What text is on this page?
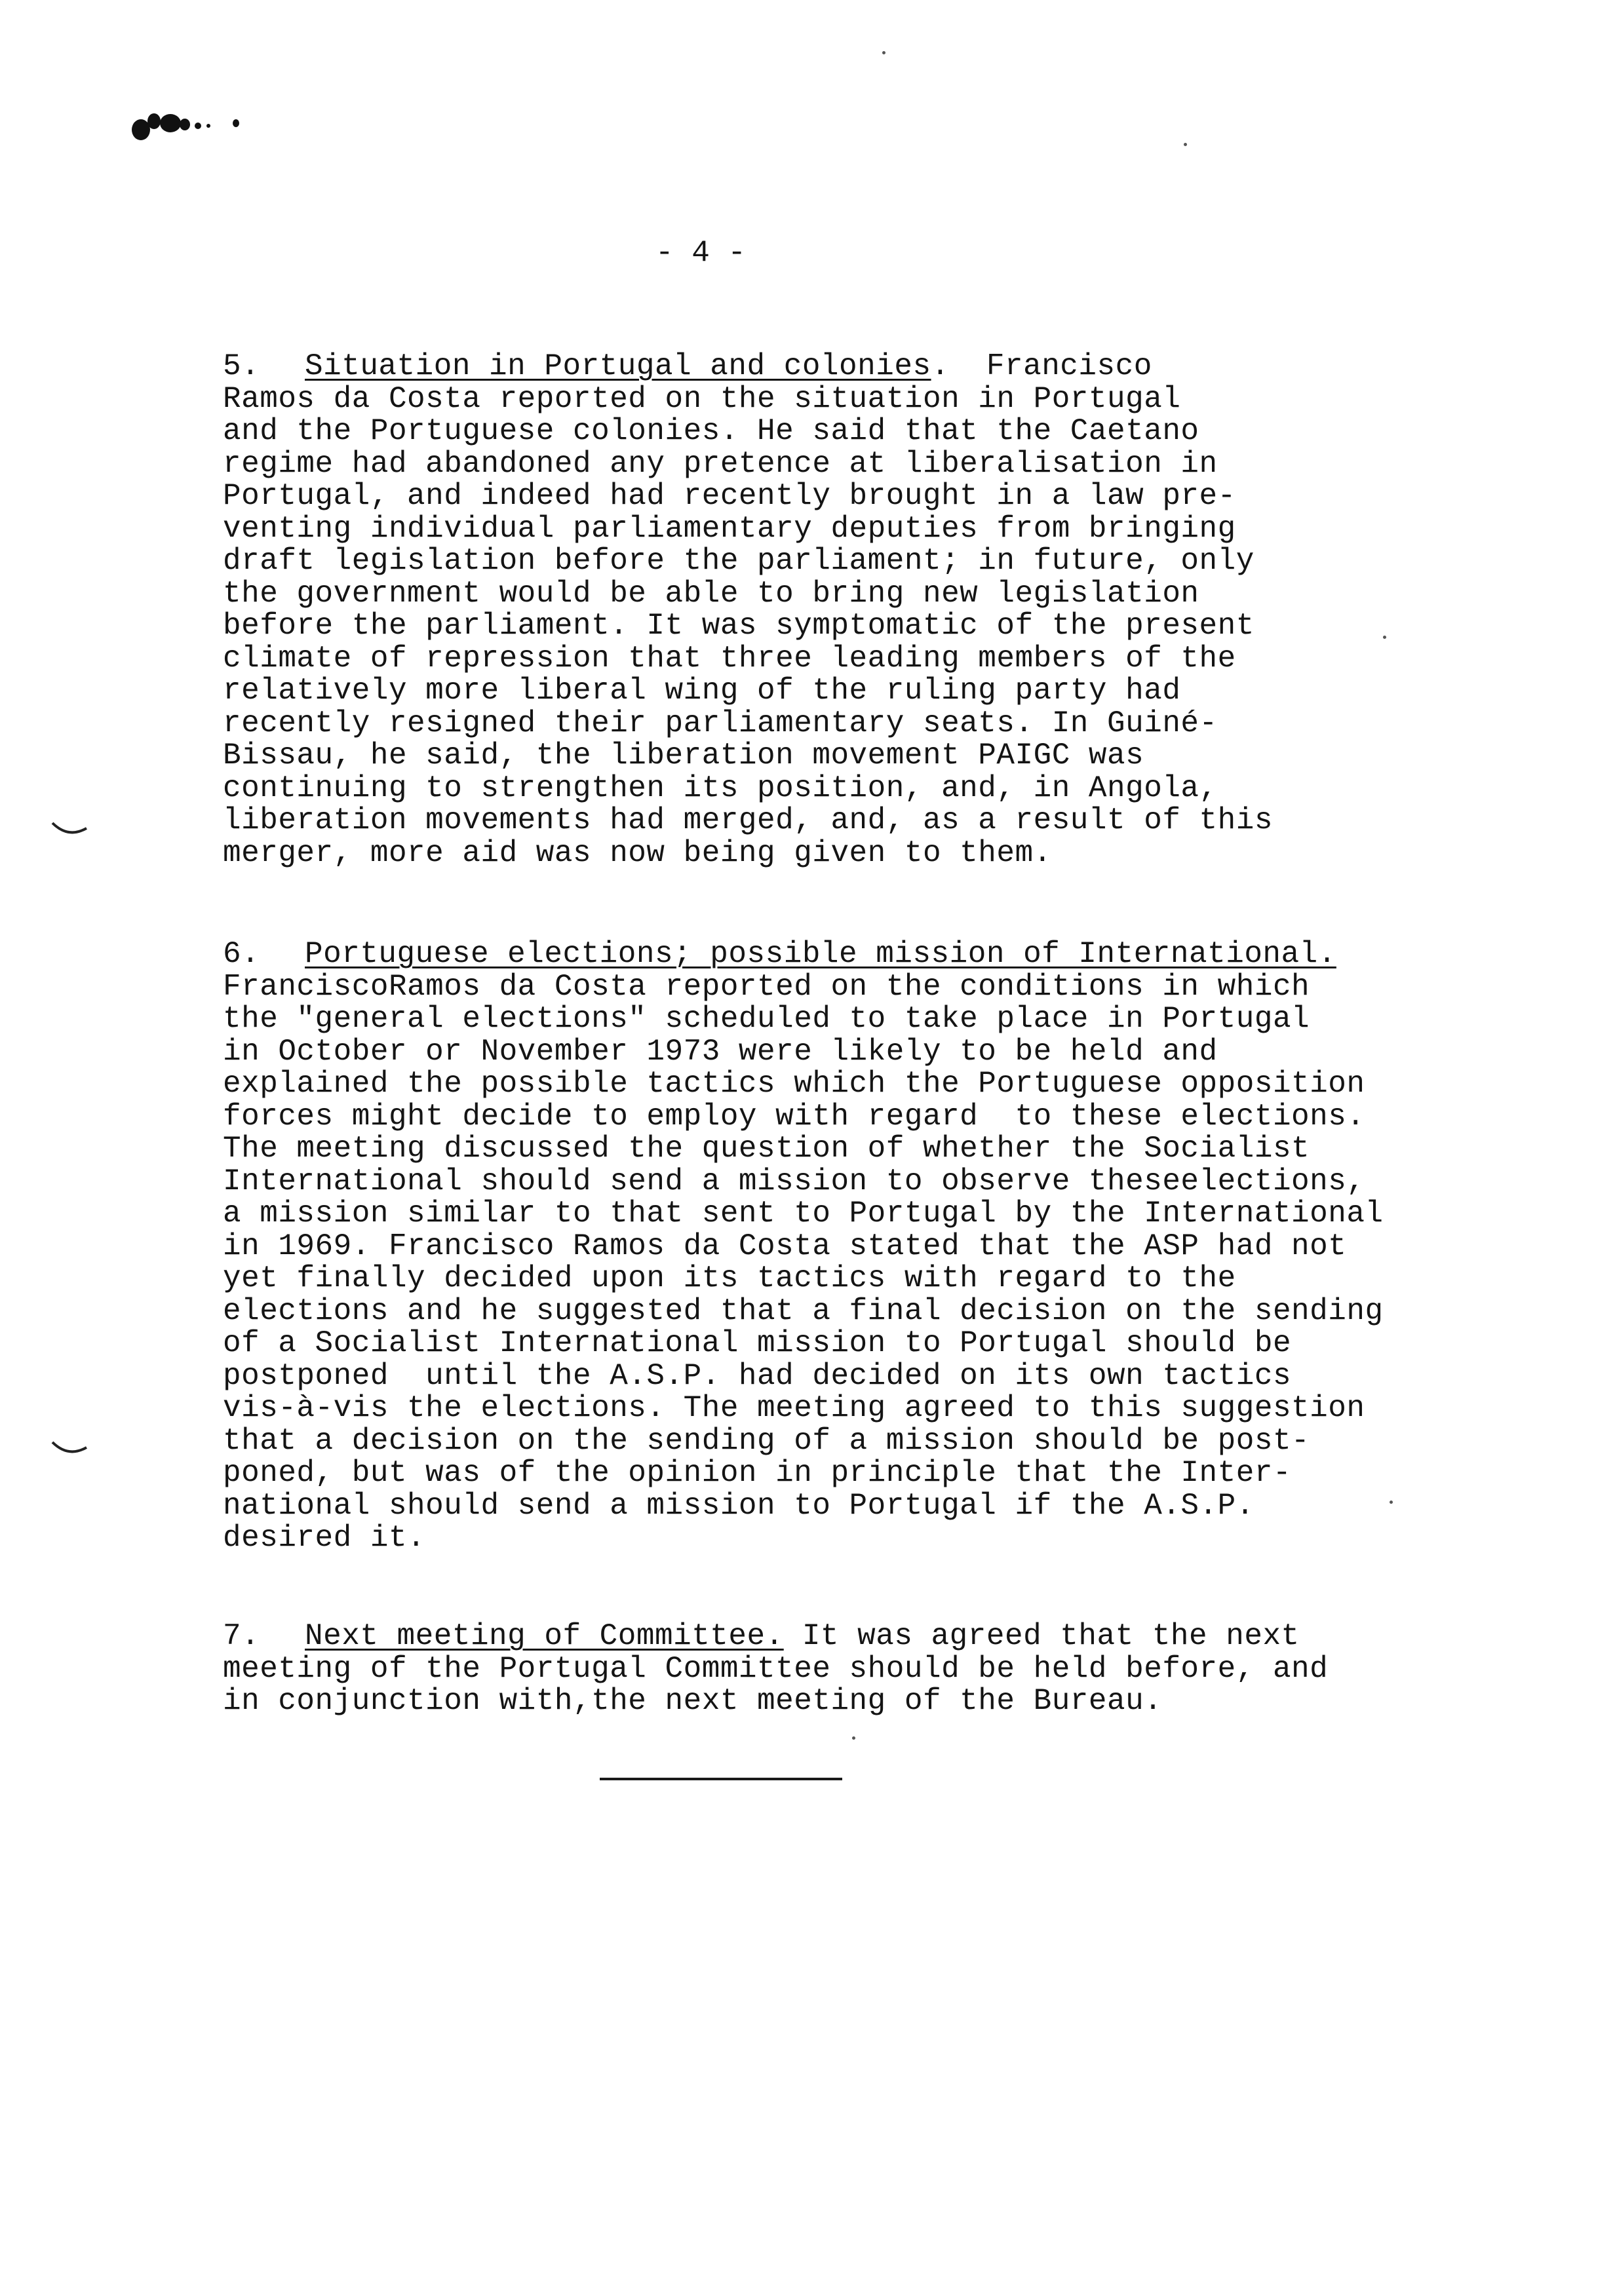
- 4 -
5. Situation in Portugal and colonies.  Francisco
Ramos da Costa reported on the situation in Portugal
and the Portuguese colonies. He said that the Caetano
regime had abandoned any pretence at liberalisation in
Portugal, and indeed had recently brought in a law pre-
venting individual parliamentary deputies from bringing
draft legislation before the parliament; in future, only
the government would be able to bring new legislation
before the parliament. It was symptomatic of the present
climate of repression that three leading members of the
relatively more liberal wing of the ruling party had
recently resigned their parliamentary seats. In Guiné-
Bissau, he said, the liberation movement PAIGC was
continuing to strengthen its position, and, in Angola,
liberation movements had merged, and, as a result of this
merger, more aid was now being given to them.
6. Portuguese elections; possible mission of International.
FranciscoRamos da Costa reported on the conditions in which
the "general elections" scheduled to take place in Portugal
in October or November 1973 were likely to be held and
explained the possible tactics which the Portuguese opposition
forces might decide to employ with regard  to these elections.
The meeting discussed the question of whether the Socialist
International should send a mission to observe theseelections,
a mission similar to that sent to Portugal by the International
in 1969. Francisco Ramos da Costa stated that the ASP had not
yet finally decided upon its tactics with regard to the
elections and he suggested that a final decision on the sending
of a Socialist International mission to Portugal should be
postponed  until the A.S.P. had decided on its own tactics
vis-à-vis the elections. The meeting agreed to this suggestion
that a decision on the sending of a mission should be post-
poned, but was of the opinion in principle that the Inter-
national should send a mission to Portugal if the A.S.P.
desired it.
7. Next meeting of Committee. It was agreed that the next
meeting of the Portugal Committee should be held before, and
in conjunction with,the next meeting of the Bureau.
